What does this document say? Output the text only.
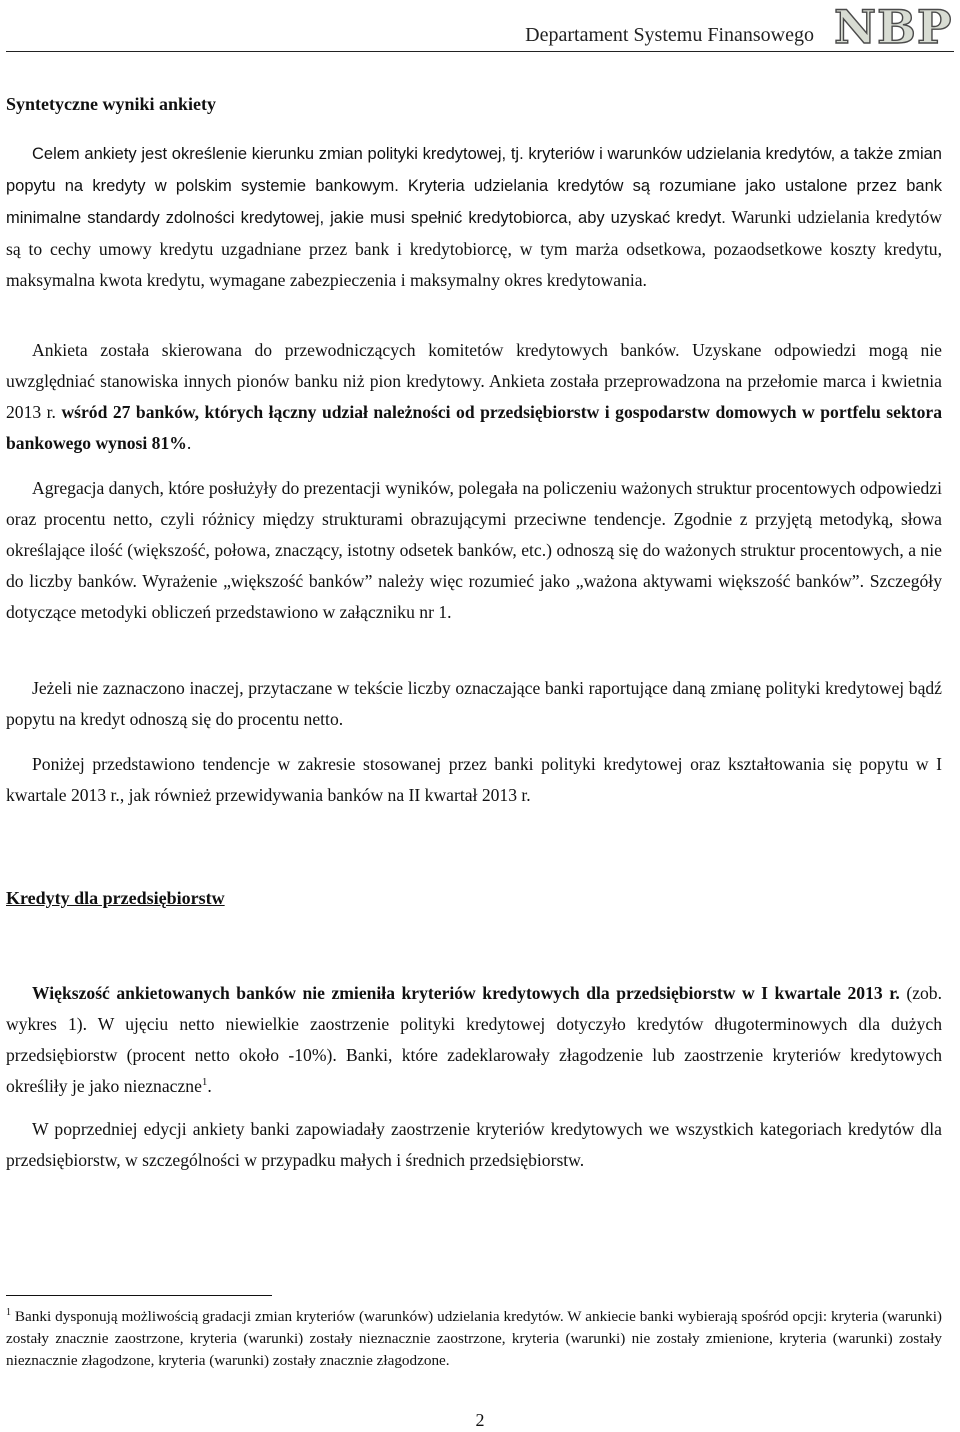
Departament Systemu Finansowego NBP
Syntetyczne wyniki ankiety

Celem ankiety jest określenie kierunku zmian polityki kredytowej, tj. kryteriów i warunków udzielania kredytów, a także zmian popytu na kredyty w polskim systemie bankowym. Kryteria udzielania kredytów są rozumiane jako ustalone przez bank minimalne standardy zdolności kredytowej, jakie musi spełnić kredytobiorca, aby uzyskać kredyt. Warunki udzielania kredytów są to cechy umowy kredytu uzgadniane przez bank i kredytobiorcę, w tym marża odsetkowa, pozaodsetkowe koszty kredytu, maksymalna kwota kredytu, wymagane zabezpieczenia i maksymalny okres kredytowania.

Ankieta została skierowana do przewodniczących komitetów kredytowych banków. Uzyskane odpowiedzi mogą nie uwzględniać stanowiska innych pionów banku niż pion kredytowy. Ankieta została przeprowadzona na przełomie marca i kwietnia 2013 r. wśród 27 banków, których łączny udział należności od przedsiębiorstw i gospodarstw domowych w portfelu sektora bankowego wynosi 81%.

Agregacja danych, które posłużyły do prezentacji wyników, polegała na policzeniu ważonych struktur procentowych odpowiedzi oraz procentu netto, czyli różnicy między strukturami obrazującymi przeciwne tendencje. Zgodnie z przyjętą metodyką, słowa określające ilość (większość, połowa, znaczący, istotny odsetek banków, etc.) odnoszą się do ważonych struktur procentowych, a nie do liczby banków. Wyrażenie „większość banków” należy więc rozumieć jako „ważona aktywami większość banków”. Szczegóły dotyczące metodyki obliczeń przedstawiono w załączniku nr 1.

Jeżeli nie zaznaczono inaczej, przytaczane w tekście liczby oznaczające banki raportujące daną zmianę polityki kredytowej bądź popytu na kredyt odnoszą się do procentu netto.

Poniżej przedstawiono tendencje w zakresie stosowanej przez banki polityki kredytowej oraz kształtowania się popytu w I kwartale 2013 r., jak również przewidywania banków na II kwartał 2013 r.

Kredyty dla przedsiębiorstw

Większość ankietowanych banków nie zmieniła kryteriów kredytowych dla przedsiębiorstw w I kwartale 2013 r. (zob. wykres 1). W ujęciu netto niewielkie zaostrzenie polityki kredytowej dotyczyło kredytów długoterminowych dla dużych przedsiębiorstw (procent netto około -10%). Banki, które zadeklarowały złagodzenie lub zaostrzenie kryteriów kredytowych określiły je jako nieznaczne$^1$.

W poprzedniej edycji ankiety banki zapowiadały zaostrzenie kryteriów kredytowych we wszystkich kategoriach kredytów dla przedsiębiorstw, w szczególności w przypadku małych i średnich przedsiębiorstw.

$^1$ Banki dysponują możliwością gradacji zmian kryteriów (warunków) udzielania kredytów. W ankiecie banki wybierają spośród opcji: kryteria (warunki) zostały znacznie zaostrzone, kryteria (warunki) zostały nieznacznie zaostrzone, kryteria (warunki) nie zostały zmienione, kryteria (warunki) zostały nieznacznie złagodzone, kryteria (warunki) zostały znacznie złagodzone.

2
